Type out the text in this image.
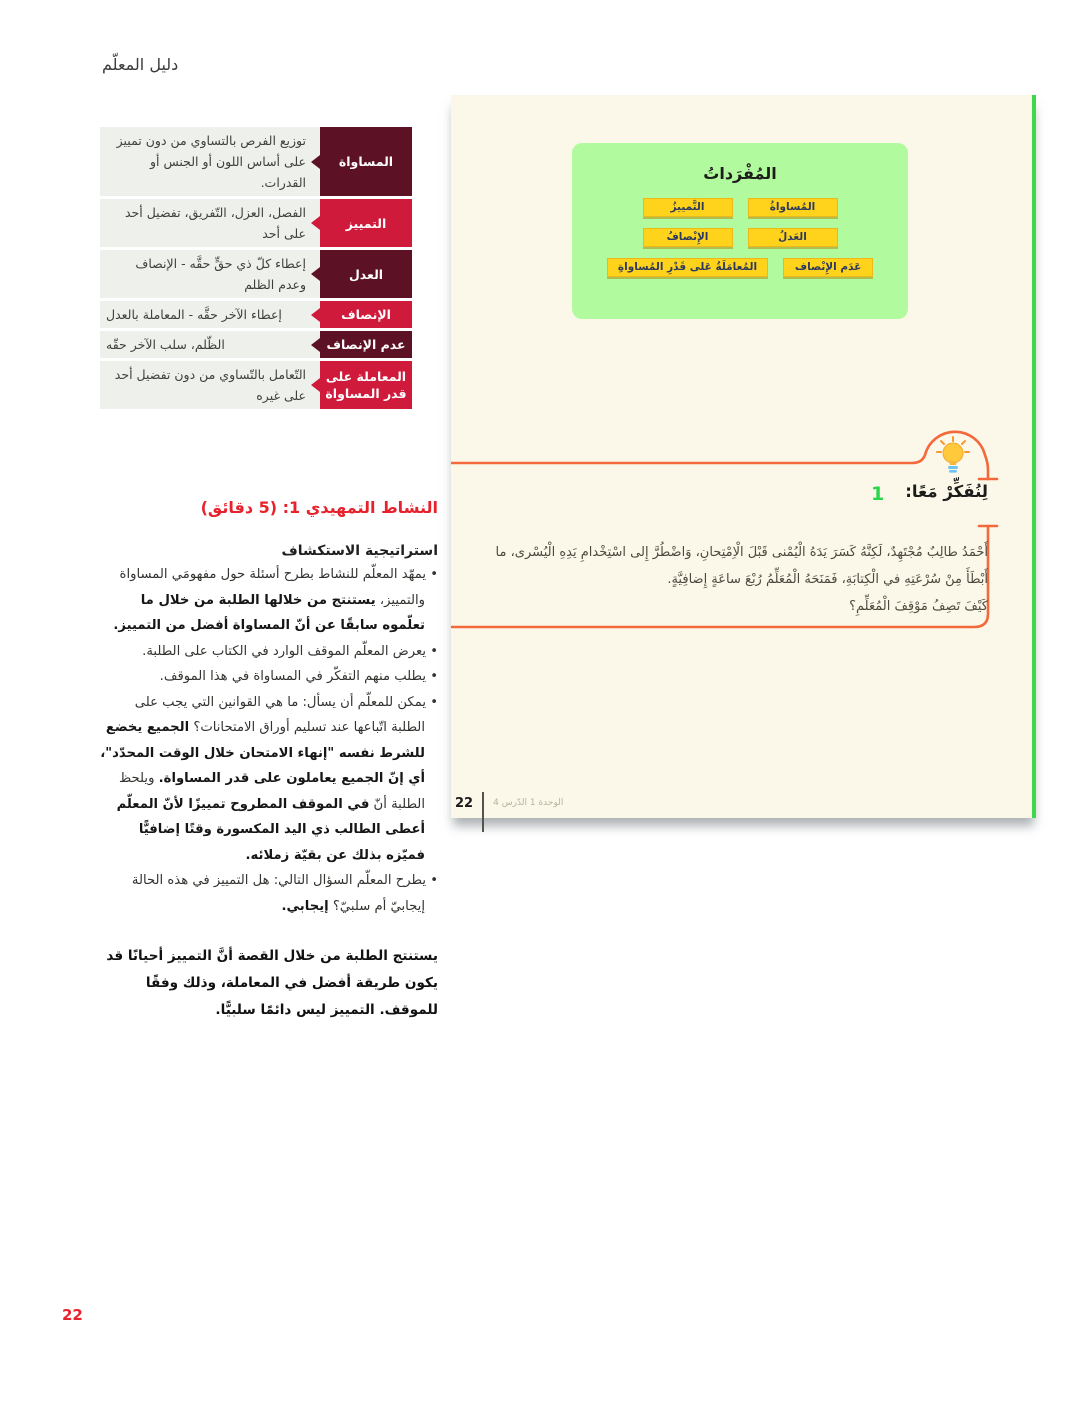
دليل المعلّم
توزيع الفرص بالتساوي من دون تمييز على أساس اللون أو الجنس أو القدرات.
المساواة
الفصل، العزل، التّفريق، تفضيل أحد على أحد
التمييز
إعطاء كلّ ذي حقٍّ حقَّه - الإنصاف وعدم الظلم
العدل
إعطاء الآخر حقَّه - المعاملة بالعدل	الإنصاف
الظّلم، سلب الآخر حقّه	عدم الإنصاف
التّعامل بالتّساوي من دون تفضيل أحد على غيره
المعاملة على قدر المساواة

النشاط التمهيدي 1: (5 دقائق)

استراتيجية الاستكشاف

• يمهّد المعلّم للنشاط بطرح أسئلة حول مفهومَي المساواة والتمييز، يستنتج من خلالها الطلبة من خلال ما تعلّموه سابقًا عن أنّ المساواة أفضل من التمييز.

• يعرض المعلّم الموقف الوارد في الكتاب على الطلبة.

• يطلب منهم التفكّر في المساواة في هذا الموقف.

• يمكن للمعلّم أن يسأل: ما هي القوانين التي يجب على الطلبة اتّباعها عند تسليم أوراق الامتحانات؟ الجميع يخضع للشرط نفسه "إنهاء الامتحان خلال الوقت المحدّد"، أي إنّ الجميع يعاملون على قدر المساواة. ويلحظ الطلبة أنّ في الموقف المطروح تمييزًا لأنّ المعلّم أعطى الطالب ذي اليد المكسورة وقتًا إضافيًّا فميّزه بذلك عن بقيّة زملائه.

• يطرح المعلّم السؤال التالي: هل التمييز في هذه الحالة إيجابيّ أم سلبيّ؟ إيجابي.

يستنتج الطلبة من خلال القصة أنَّ التمييز أحيانًا قد يكون طريقة أفضل في المعاملة، وذلك وفقًا للموقف. التمييز ليس دائمًا سلبيًّا.
22
المُفْرَداتُ
المُساواةُ
التَّمييزُ
العَدلُ
الإِنْصافُ
عَدَم الإِنْصاف
المُعامَلَةُ عَلى قَدْرِ المُساواةِ
1 لِنُفَكِّرْ مَعًا:
أَحْمَدُ طالِبٌ مُجْتَهِدٌ، لَكِنَّهُ كَسَرَ يَدَهُ الْيُمْنى قَبْلَ الْاِمْتِحانِ، وَاضْطُرَّ إِلى اسْتِخْدامِ يَدِهِ الْيُسْرى، ما أَبْطَأَ مِنْ سُرْعَتِهِ في الْكِتابَةِ، فَمَنَحَهُ الْمُعَلِّمُ رُبْعَ ساعَةٍ إِضافِيَّةٍ.
كَيْفَ تَصِفُ مَوْقِفَ الْمُعَلِّمِ؟
22 الوحدة 1 الدّرس 4
